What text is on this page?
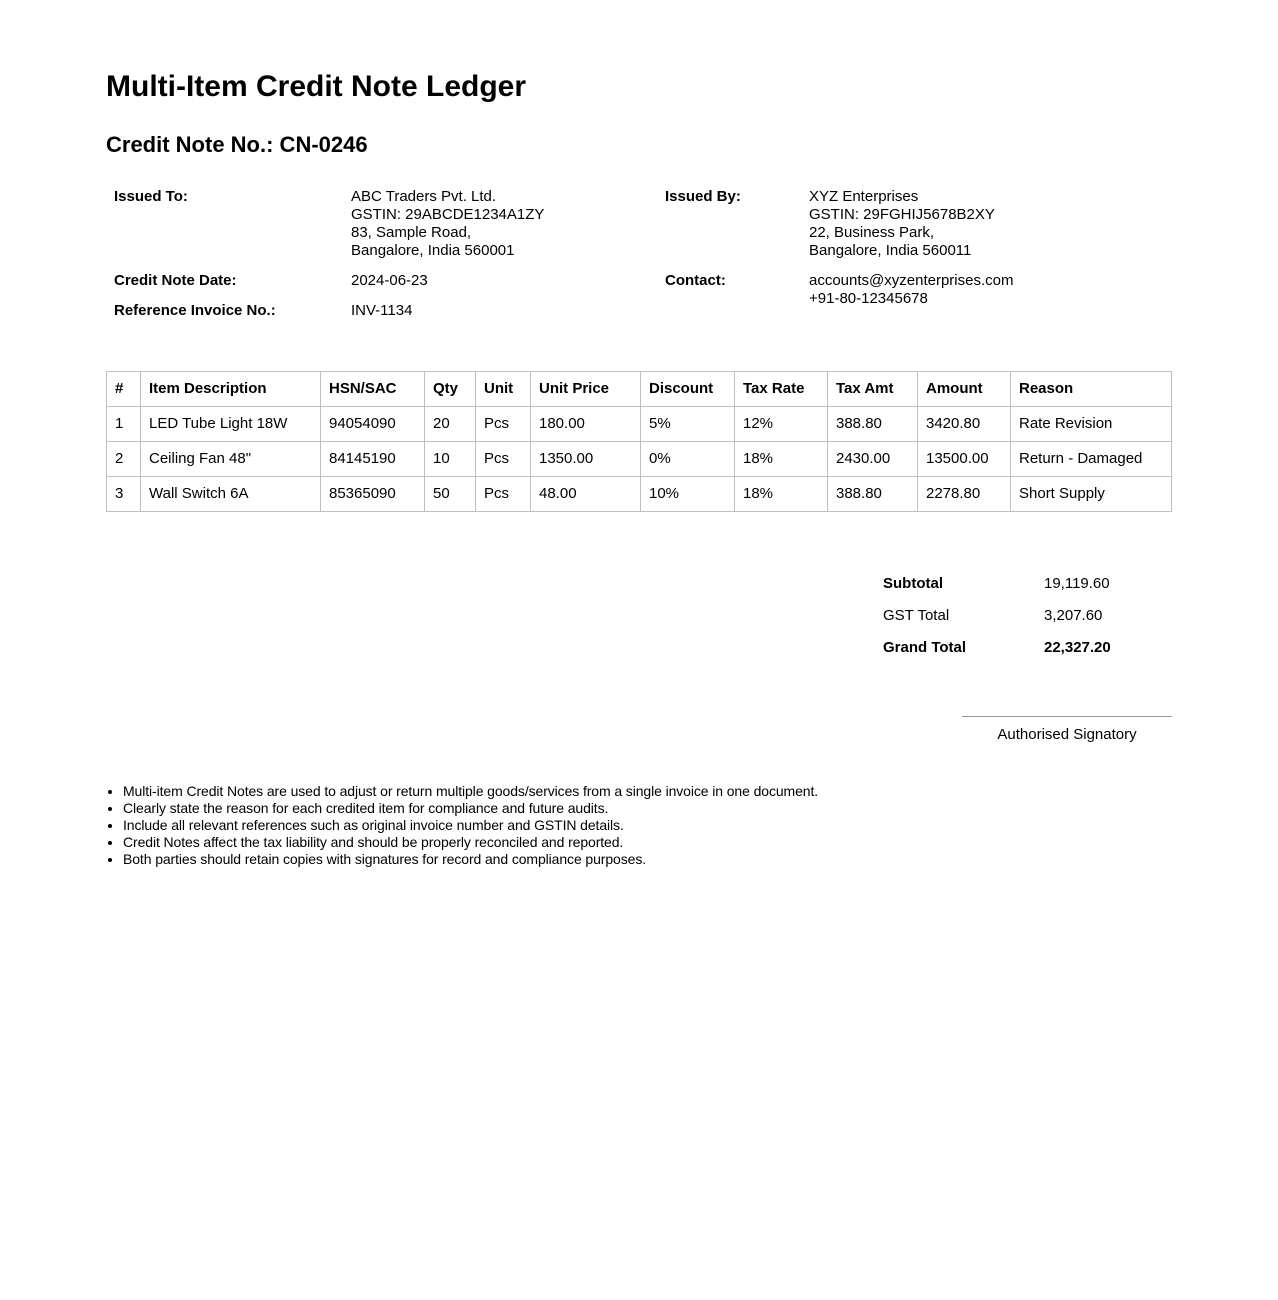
Multi-Item Credit Note Ledger
Credit Note No.: CN-0246
Issued To:	ABC Traders Pvt. Ltd.
GSTIN: 29ABCDE1234A1ZY
83, Sample Road,
Bangalore, India 560001
Credit Note Date:	2024-06-23
Reference Invoice No.:	INV-1134
Issued By:	XYZ Enterprises
GSTIN: 29FGHIJ5678B2XY
22, Business Park,
Bangalore, India 560011
Contact:	accounts@xyzenterprises.com
+91-80-12345678
#	Item Description	HSN/SAC	Qty	Unit	Unit Price	Discount	Tax Rate	Tax Amt	Amount	Reason
1	LED Tube Light 18W	94054090	20	Pcs	180.00	5%	12%	388.80	3420.80	Rate Revision
2	Ceiling Fan 48"	84145190	10	Pcs	1350.00	0%	18%	2430.00	13500.00	Return - Damaged
3	Wall Switch 6A	85365090	50	Pcs	48.00	10%	18%	388.80	2278.80	Short Supply
Subtotal	19,119.60
GST Total	3,207.60
Grand Total	22,327.20
Authorised Signatory
• Multi-item Credit Notes are used to adjust or return multiple goods/services from a single invoice in one document.
• Clearly state the reason for each credited item for compliance and future audits.
• Include all relevant references such as original invoice number and GSTIN details.
• Credit Notes affect the tax liability and should be properly reconciled and reported.
• Both parties should retain copies with signatures for record and compliance purposes.
